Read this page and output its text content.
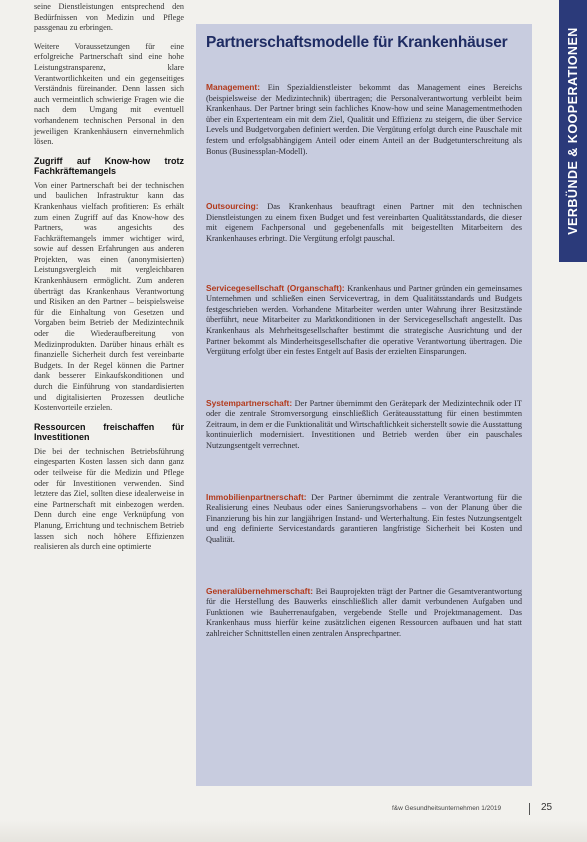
seine Dienstleistungen entsprechend den Bedürfnissen von Medizin und Pflege passgenau zu erbringen.

Weitere Voraussetzungen für eine erfolgreiche Partnerschaft sind eine hohe Leistungstransparenz, klare Verantwortlichkeiten und ein gegenseitiges Verständnis füreinander. Denn lassen sich auch vermeintlich schwierige Fragen wie die nach dem Umgang mit eventuell vorhandenem technischen Personal in den jeweiligen Krankenhäusern einvernehmlich lösen.

Zugriff auf Know-how trotz Fachkräftemangels

Von einer Partnerschaft bei der technischen und baulichen Infrastruktur kann das Krankenhaus vielfach profitieren: Es erhält zum einen Zugriff auf das Know-how des Partners, was angesichts des Fachkräftemangels immer wichtiger wird, sowie auf dessen Erfahrungen aus anderen Projekten, was einen (anonymisierten) Leistungsvergleich mit vergleichbaren Krankenhäusern ermöglicht. Zum anderen überträgt das Krankenhaus Verantwortung und Risiken an den Partner – beispielsweise für die Einhaltung von Gesetzen und Vorgaben beim Betrieb der Medizintechnik oder die Wiederaufbereitung von Medizinprodukten. Darüber hinaus erhält es finanzielle Sicherheit durch fest vereinbarte Budgets. In der Regel können die Partner dank besserer Einkaufskonditionen und durch die Einführung von standardisierten und digitalisierten Prozessen deutliche Kostenvorteile erzielen.

Ressourcen freischaffen für Investitionen

Die bei der technischen Betriebsführung eingesparten Kosten lassen sich dann ganz oder teilweise für die Medizin und Pflege oder für Investitionen verwenden. Sind letztere das Ziel, sollten diese idealerweise in eine Partnerschaft mit einbezogen werden. Denn durch eine enge Verknüpfung von Planung, Errichtung und technischem Betrieb lassen sich noch höhere Effizienzen realisieren als durch eine optimierte

Partnerschaftsmodelle für Krankenhäuser

Management: Ein Spezialdienstleister bekommt das Management eines Bereichs (beispielsweise der Medizintechnik) übertragen; die Personalverantwortung verbleibt beim Krankenhaus. Der Partner bringt sein fachliches Know-how und seine Managementmethoden über ein Expertenteam ein mit dem Ziel, Qualität und Effizienz zu steigern, die über Service Levels und Budgetvorgaben definiert werden. Die Vergütung erfolgt durch eine Pauschale mit festem und erfolgsabhängigem Anteil oder einem Anteil an der Budgetunterschreitung als Bonus (Businessplan-Modell).

Outsourcing: Das Krankenhaus beauftragt einen Partner mit den technischen Dienstleistungen zu einem fixen Budget und fest vereinbarten Qualitätsstandards, die dieser mit eigenem Fachpersonal und gegebenenfalls mit beigestellten Mitarbeitern des Krankenhauses erbringt. Die Vergütung erfolgt pauschal.

Servicegesellschaft (Organschaft): Krankenhaus und Partner gründen ein gemeinsames Unternehmen und schließen einen Servicevertrag, in dem Qualitätsstandards und Budgets festgeschrieben werden. Vorhandene Mitarbeiter werden unter Wahrung ihrer Besitzstände überführt, neue Mitarbeiter zu Marktkonditionen in der Servicegesellschaft angestellt. Das Krankenhaus als Mehrheitsgesellschafter bestimmt die strategische Ausrichtung und der Partner bekommt als Minderheitsgesellschafter die operative Verantwortung übertragen. Die Vergütung erfolgt über ein festes Entgelt auf Basis der erzielten Einsparungen.

Systempartnerschaft: Der Partner übernimmt den Gerätepark der Medizintechnik oder IT oder die zentrale Stromversorgung einschließlich Geräteausstattung für einen bestimmten Zeitraum, in dem er die Funktionalität und Wirtschaftlichkeit sicherstellt sowie die Ausstattung kontinuierlich modernisiert. Investitionen und Betrieb werden über ein pauschales Nutzungsentgelt verrechnet.

Immobilienpartnerschaft: Der Partner übernimmt die zentrale Verantwortung für die Realisierung eines Neubaus oder eines Sanierungsvorhabens – von der Planung über die Finanzierung bis hin zur langjährigen Instand- und Werterhaltung. Ein festes Nutzungsentgelt und eng definierte Servicestandards garantieren langfristige Sicherheit bei Kosten und Qualität.

Generalübernehmerschaft: Bei Bauprojekten trägt der Partner die Gesamtverantwortung für die Herstellung des Bauwerks einschließlich aller damit verbundenen Aufgaben und Funktionen wie Bauherrenaufgaben, vergebende Stelle und Projektmanagement. Das Krankenhaus muss hierfür keine zusätzlichen eigenen Ressourcen aufbauen und hat statt zahlreicher Schnittstellen einen zentralen Ansprechpartner.

VERBÜNDE & KOOPERATIONEN
f&w Gesundheitsunternehmen 1/2019	25
